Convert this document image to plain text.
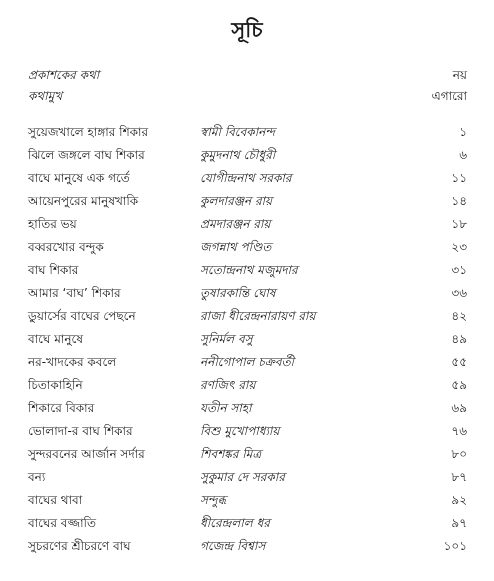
সূচি
প্রকাশকের কথা	নয়
কথামুখ	এগারো
সুয়েজখালে হাঙ্গার শিকার	স্বামী বিবেকানন্দ	১
ঝিলে জঙ্গলে বাঘ শিকার	কুমুদনাথ চৌধুরী	৬
বাঘে মানুষে এক গর্তে	যোগীন্দ্রনাথ সরকার	১১
আয়েনপুরের মানুষখাকি	কুলদারঞ্জন রায়	১৪
হাতির ভয়	প্রমদারঞ্জন রায়	১৮
বব্বরখোর বন্দুক	জগন্নাথ পণ্ডিত	২৩
বাঘ শিকার	সতোন্দ্রনাথ মজুমদার	৩১
আমার ‘বাঘ’ শিকার	তুষারকান্তি ঘোষ	৩৬
ডুয়ার্সের বাঘের পেছনে	রাজা ধীরেন্দ্রনারায়ণ রায়	৪২
বাঘে মানুষে	সুনির্মল বসু	৪৯
নর-খাদকের কবলে	ননীগোপাল চক্রবর্তী	৫৫
চিতাকাহিনি	রণজিৎ রায়	৫৯
শিকারে বিকার	যতীন সাহা	৬৯
ভোলাদা-র বাঘ শিকার	বিশু মুখোপাধ্যায়	৭৬
সুন্দরবনের আর্জান সর্দার	শিবশঙ্কর মিত্র	৮০
বন্য	সুকুমার দে সরকার	৮৭
বাঘের থাবা	সন্দুব্ধ	৯২
বাঘের বজ্জাতি	ধীরেন্দ্রলাল ধর	৯৭
সুচরণের শ্রীচরণে বাঘ	গজেন্দ্র বিশ্বাস	১০১
